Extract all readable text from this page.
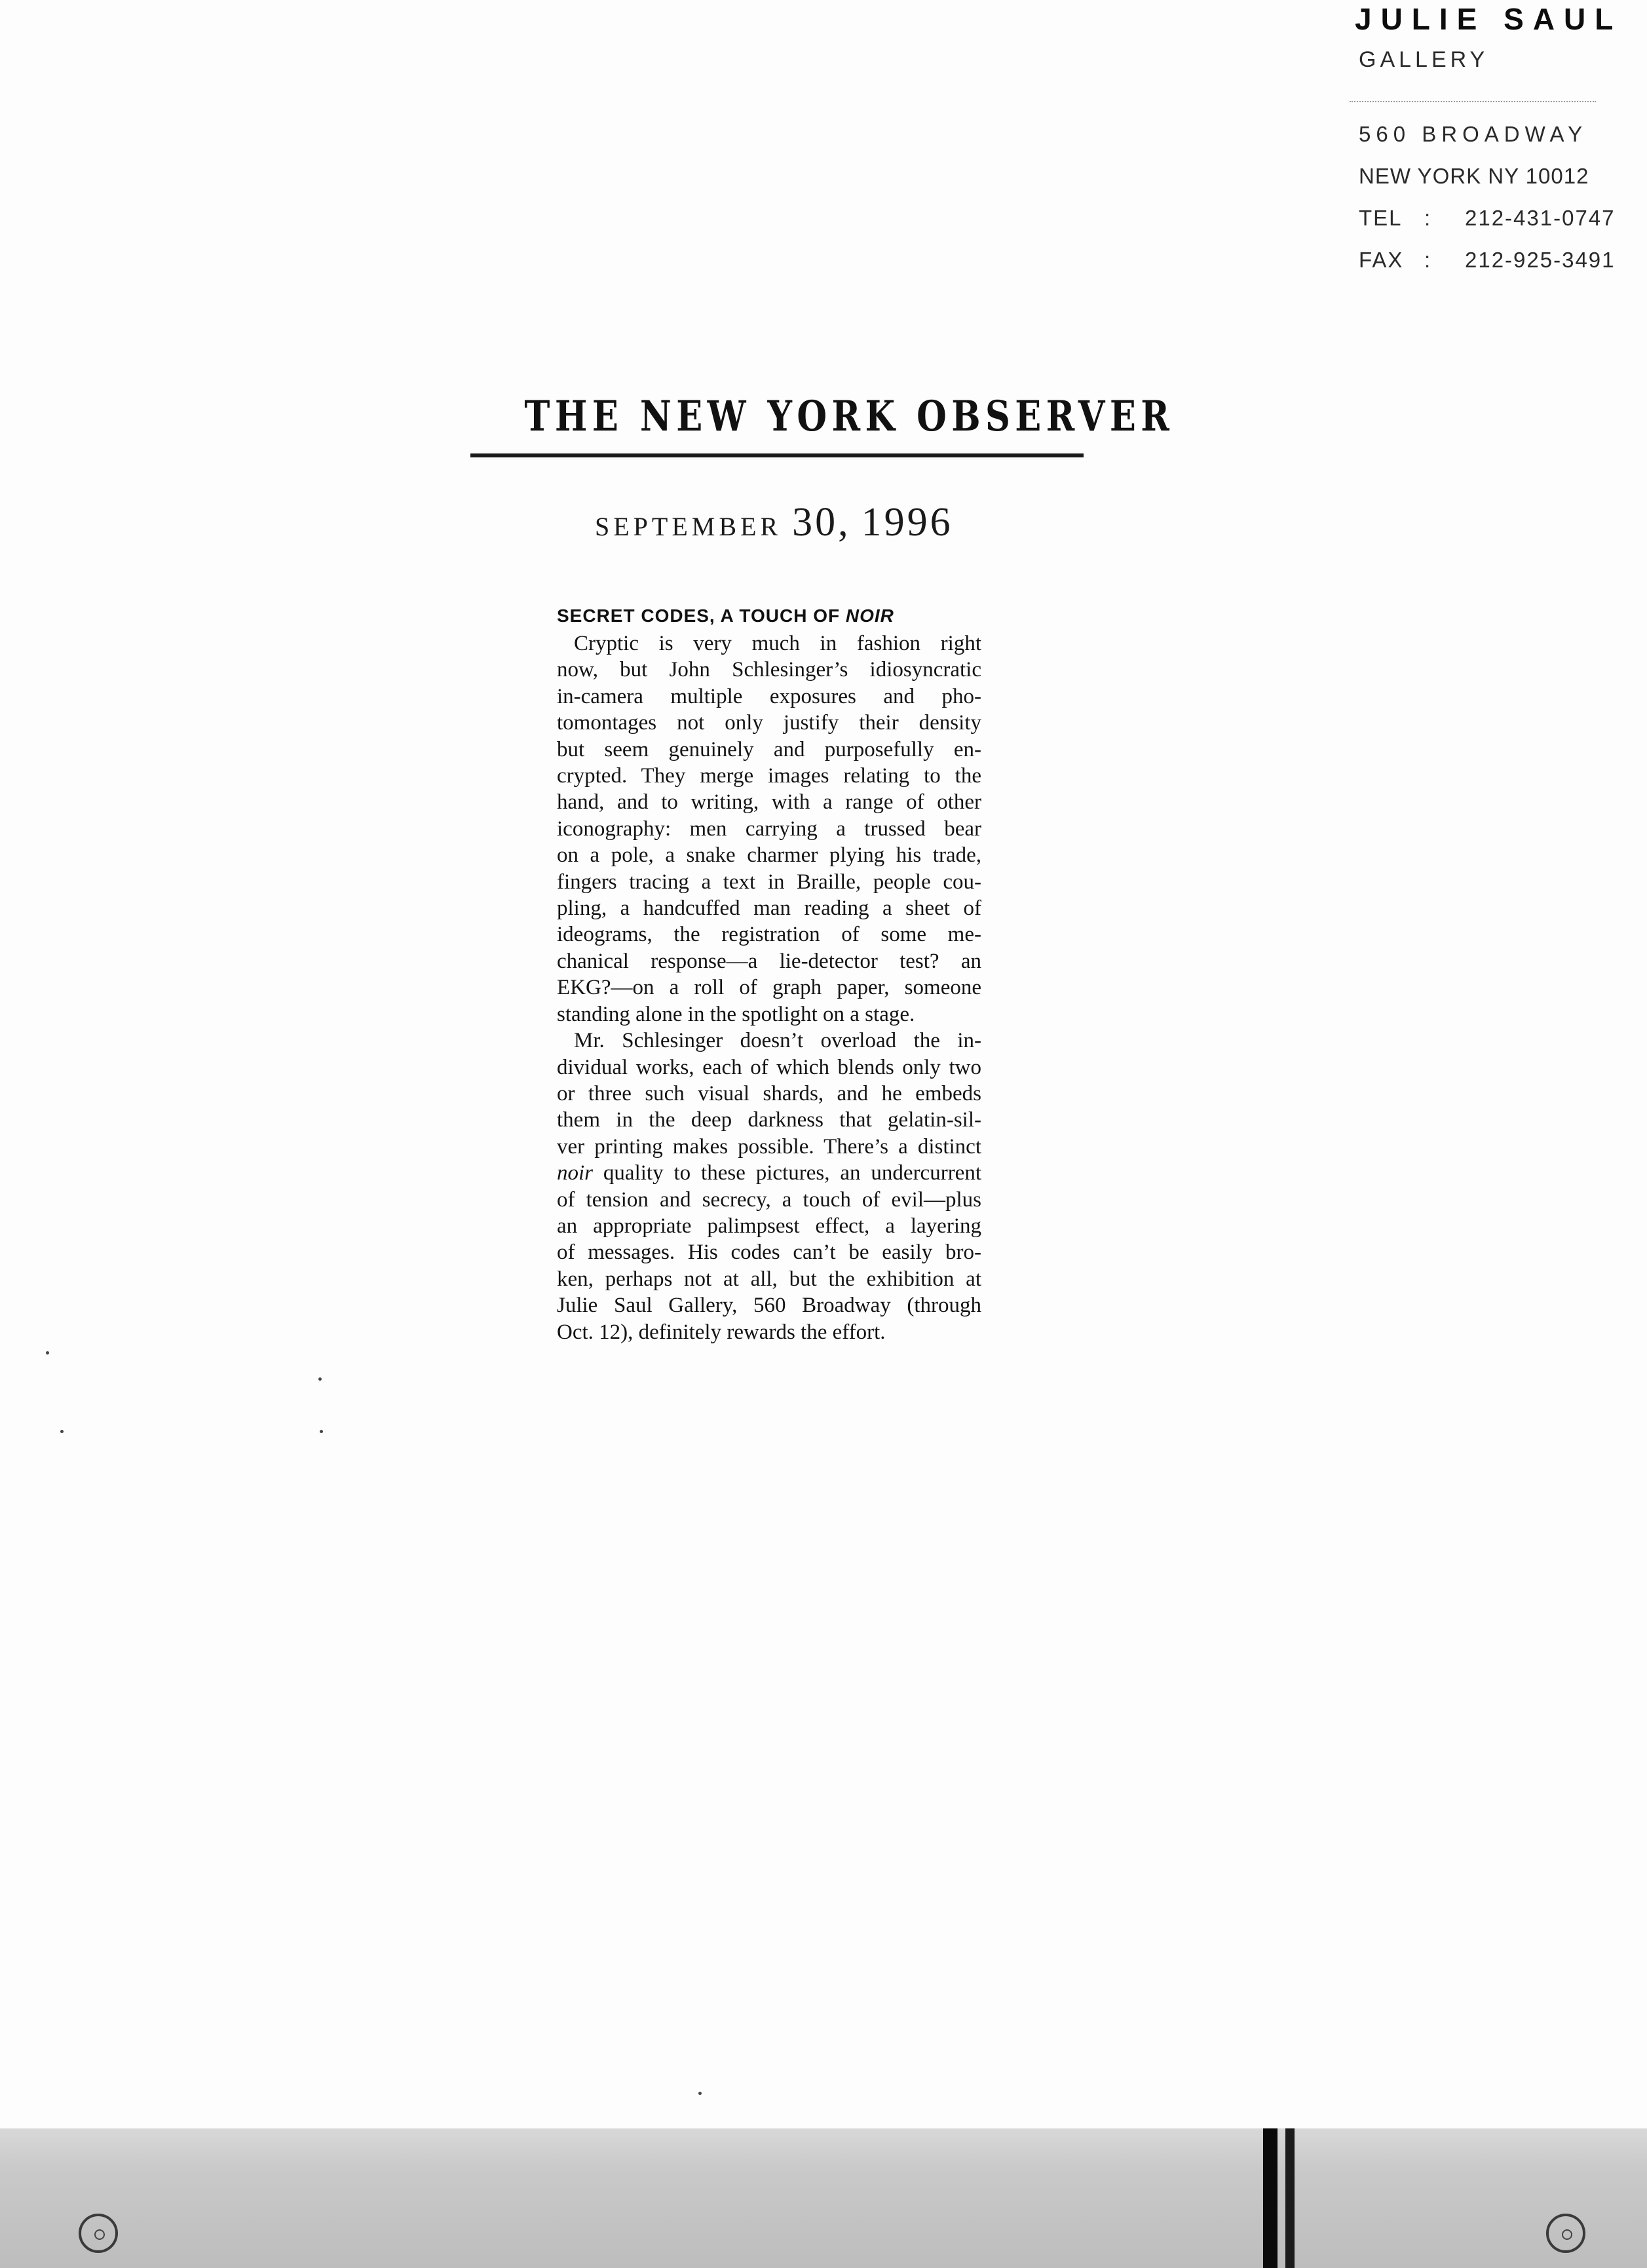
JULIE SAUL
GALLERY
560 BROADWAY
NEW YORK NY 10012
TEL : 212-431-0747
FAX : 212-925-3491
THE NEW YORK OBSERVER
SEPTEMBER 30, 1996
SECRET CODES, A TOUCH OF NOIR
Cryptic is very much in fashion right
now, but John Schlesinger’s idiosyncratic
in-camera multiple exposures and pho-
tomontages not only justify their density
but seem genuinely and purposefully en-
crypted. They merge images relating to the
hand, and to writing, with a range of other
iconography: men carrying a trussed bear
on a pole, a snake charmer plying his trade,
fingers tracing a text in Braille, people cou-
pling, a handcuffed man reading a sheet of
ideograms, the registration of some me-
chanical response—a lie-detector test? an
EKG?—on a roll of graph paper, someone
standing alone in the spotlight on a stage.
Mr. Schlesinger doesn’t overload the in-
dividual works, each of which blends only two
or three such visual shards, and he embeds
them in the deep darkness that gelatin-sil-
ver printing makes possible. There’s a distinct
noir quality to these pictures, an undercurrent
of tension and secrecy, a touch of evil—plus
an appropriate palimpsest effect, a layering
of messages. His codes can’t be easily bro-
ken, perhaps not at all, but the exhibition at
Julie Saul Gallery, 560 Broadway (through
Oct. 12), definitely rewards the effort.
